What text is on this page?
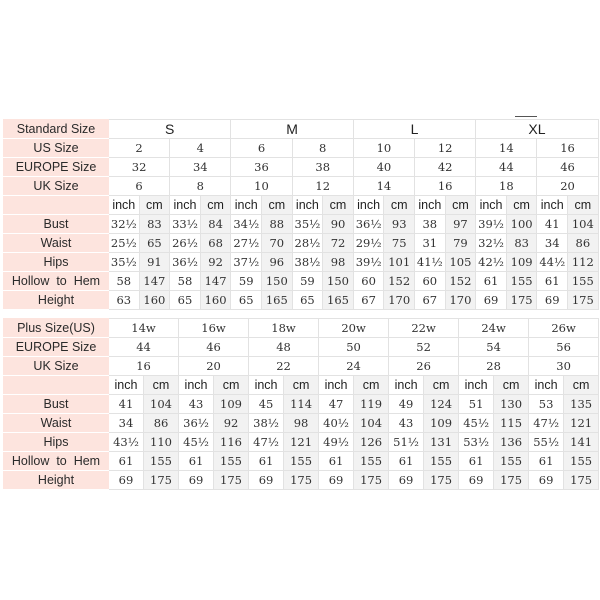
Standard Size	S				M				L				XL			
US Size	2		4		6		8		10		12		14		16	
EUROPE Size	32		34		36		38		40		42		44		46	
UK Size	6		8		10		12		14		16		18		20	
	inch	cm	inch	cm	inch	cm	inch	cm	inch	cm	inch	cm	inch	cm	inch	cm
Bust	32½	83	33½	84	34½	88	35½	90	36½	93	38	97	39½	100	41	104
Waist	25½	65	26½	68	27½	70	28½	72	29½	75	31	79	32½	83	34	86
Hips	35½	91	36½	92	37½	96	38½	98	39½	101	41½	105	42½	109	44½	112
Hollow  to  Hem	58	147	58	147	59	150	59	150	60	152	60	152	61	155	61	155
Height	63	160	65	160	65	165	65	165	67	170	67	170	69	175	69	175
Plus Size(US)	14w		16w		18w		20w		22w		24w		26w	
EUROPE Size	44		46		48		50		52		54		56	
UK Size	16		20		22		24		26		28		30	
	inch	cm	inch	cm	inch	cm	inch	cm	inch	cm	inch	cm	inch	cm
Bust	41	104	43	109	45	114	47	119	49	124	51	130	53	135
Waist	34	86	36½	92	38½	98	40½	104	43	109	45½	115	47½	121
Hips	43½	110	45½	116	47½	121	49½	126	51½	131	53½	136	55½	141
Hollow  to  Hem	61	155	61	155	61	155	61	155	61	155	61	155	61	155
Height	69	175	69	175	69	175	69	175	69	175	69	175	69	175
